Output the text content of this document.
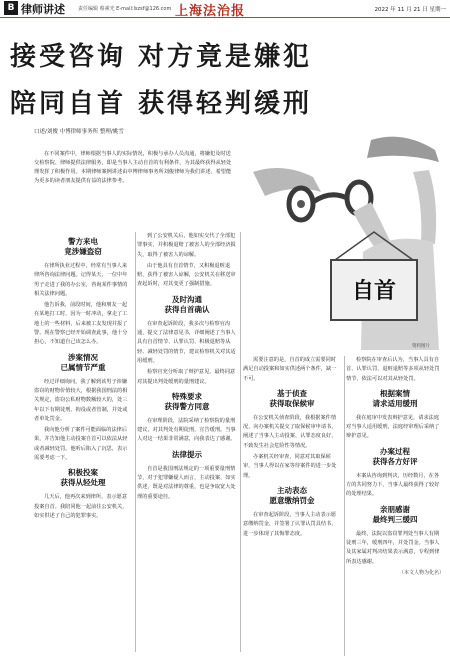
B 律师讲述	责任编辑 蔡素光 E-mail:lszsf@126.com 上海法治报	2022 年 11 月 21 日 星期一
接受咨询 对方竟是嫌犯
陪同自首 获得轻判缓刑
口述/刘俊 中博律师事务所 整理/姚雪
在不同案件中，律师根据当事人的实际情况，积极与承办人员沟通，将嫌犯及时送交检察院、律师提供法律服务，即是当事人主动自首的有利条件，为其最终获得从轻处理发挥了积极作用。本期律师案例讲述由中博律师事务所刘俊律师为我们讲述，希望能为更多的读者朋友提供有益的法律参考。
自首
资料图片
警方来电
竟涉嫌盗窃

在律所执业过程中，经常有当事人来律所咨询法律问题。记得某天，一位中年男子走进了我的办公室，咨询某件事情的相关法律问题。

他告诉我，前段时间，他和朋友一起在某地打工时，因为一时冲动，拿走了工地上的一些材料，后来被工友发现并报了警。现在警察已经开始调查此事，他十分担心，不知道自己该怎么办。

涉案情况
已属情节严重

经过详细询问，我了解到该男子涉嫌盗窃的财物价值较大，根据我国刑法的相关规定，盗窃公私财物数额较大的，处三年以下有期徒刑、拘役或者管制，并处或者单处罚金。

我向他分析了案件可能面临的法律后果，并告知他主动投案自首可以依法从轻或者减轻处罚。他听后陷入了沉思，表示需要考虑一下。

积极投案
获得从轻处理

几天后，他再次来到律所，表示愿意投案自首。我陪同他一起前往公安机关，如实供述了自己的犯罪事实。

到了公安机关后，他如实交代了全部犯罪事实，并积极退赔了被害人的全部经济损失，取得了被害人的谅解。

由于他具有自首情节，又积极退赃退赔，获得了被害人谅解，公安机关在移送审查起诉时，对其变更了强制措施。

及时沟通
获得自首确认

在审查起诉阶段，我多次与检察官沟通，提交了法律意见书，详细阐述了当事人具有自首情节、认罪认罚、积极退赔等从轻、减轻处罚的情节，建议检察机关对其适用缓刑。

检察官充分听取了辩护意见，最终同意对其提出判处缓刑的量刑建议。

特殊要求
获得警方同意

在审理阶段，法院采纳了检察院的量刑建议，对其判处有期徒刑，宣告缓刑。当事人对这一结果非常满意，向我表达了感谢。

法律提示

自首是我国刑法规定的一项重要量刑情节，对于犯罪嫌疑人而言，主动投案、如实供述，既是对法律的尊重，也是争取宽大处理的重要途径。

需要注意的是，自首的成立需要同时满足自动投案和如实供述两个条件，缺一不可。

基于侦查
获得取保候审

在公安机关侦查阶段，我根据案件情况，向办案机关提交了取保候审申请书，阐述了当事人主动投案、认罪态度良好、不致发生社会危险性等情况。

办案机关经审查，同意对其取保候审，当事人得以在家等待案件的进一步处理。

主动表态
愿意缴纳罚金

在审查起诉阶段，当事人主动表示愿意缴纳罚金，并签署了认罪认罚具结书，进一步体现了其悔罪态度。

检察院在审查后认为，当事人具有自首、认罪认罚、退赃退赔等多项从轻处罚情节，依法可以对其从轻处罚。

根据案情
请求适用缓刑

我在庭审中发表辩护意见，请求法庭对当事人适用缓刑，法庭经审理后采纳了辩护意见。

办案过程
获得各方好评

本案从咨询到判决，历经数月，在各方的共同努力下，当事人最终获得了较好的处理结果。

亲朋感谢
最终判三缓四

最终，法院以盗窃罪判处当事人有期徒刑三年，缓刑四年，并处罚金。当事人及其家属对判决结果表示满意，专程到律所表达感谢。

（本文人物为化名）
